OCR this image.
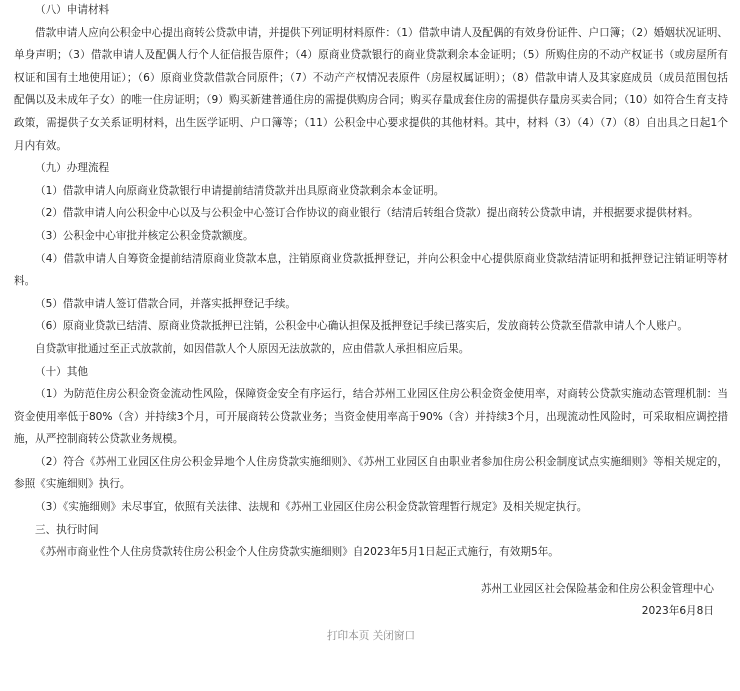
（八）申请材料

借款申请人应向公积金中心提出商转公贷款申请，并提供下列证明材料原件：（1）借款申请人及配偶的有效身份证件、户口簿；（2）婚姻状况证明、单身声明；（3）借款申请人及配偶人行个人征信报告原件；（4）原商业贷款银行的商业贷款剩余本金证明；（5）所购住房的不动产权证书（或房屋所有权证和国有土地使用证）；（6）原商业贷款借款合同原件；（7）不动产产权情况表原件（房屋权属证明）；（8）借款申请人及其家庭成员（成员范围包括配偶以及未成年子女）的唯一住房证明；（9）购买新建普通住房的需提供购房合同；购买存量成套住房的需提供存量房买卖合同；（10）如符合生育支持政策，需提供子女关系证明材料，出生医学证明、户口簿等；（11）公积金中心要求提供的其他材料。其中，材料（3）（4）（7）（8）自出具之日起1个月内有效。

（九）办理流程

（1）借款申请人向原商业贷款银行申请提前结清贷款并出具原商业贷款剩余本金证明。

（2）借款申请人向公积金中心以及与公积金中心签订合作协议的商业银行（结清后转组合贷款）提出商转公贷款申请，并根据要求提供材料。

（3）公积金中心审批并核定公积金贷款额度。

（4）借款申请人自筹资金提前结清原商业贷款本息，注销原商业贷款抵押登记，并向公积金中心提供原商业贷款结清证明和抵押登记注销证明等材料。

（5）借款申请人签订借款合同，并落实抵押登记手续。

（6）原商业贷款已结清、原商业贷款抵押已注销，公积金中心确认担保及抵押登记手续已落实后，发放商转公贷款至借款申请人个人账户。

自贷款审批通过至正式放款前，如因借款人个人原因无法放款的，应由借款人承担相应后果。

（十）其他

（1）为防范住房公积金资金流动性风险，保障资金安全有序运行，结合苏州工业园区住房公积金资金使用率，对商转公贷款实施动态管理机制：当资金使用率低于80%（含）并持续3个月，可开展商转公贷款业务；当资金使用率高于90%（含）并持续3个月，出现流动性风险时，可采取相应调控措施，从严控制商转公贷款业务规模。

（2）符合《苏州工业园区住房公积金异地个人住房贷款实施细则》、《苏州工业园区自由职业者参加住房公积金制度试点实施细则》等相关规定的，参照《实施细则》执行。

（3）《实施细则》未尽事宜，依照有关法律、法规和《苏州工业园区住房公积金贷款管理暂行规定》及相关规定执行。

三、执行时间

《苏州市商业性个人住房贷款转住房公积金个人住房贷款实施细则》自2023年5月1日起正式施行，有效期5年。

苏州工业园区社会保险基金和住房公积金管理中心

2023年6月8日

打印本页 关闭窗口
